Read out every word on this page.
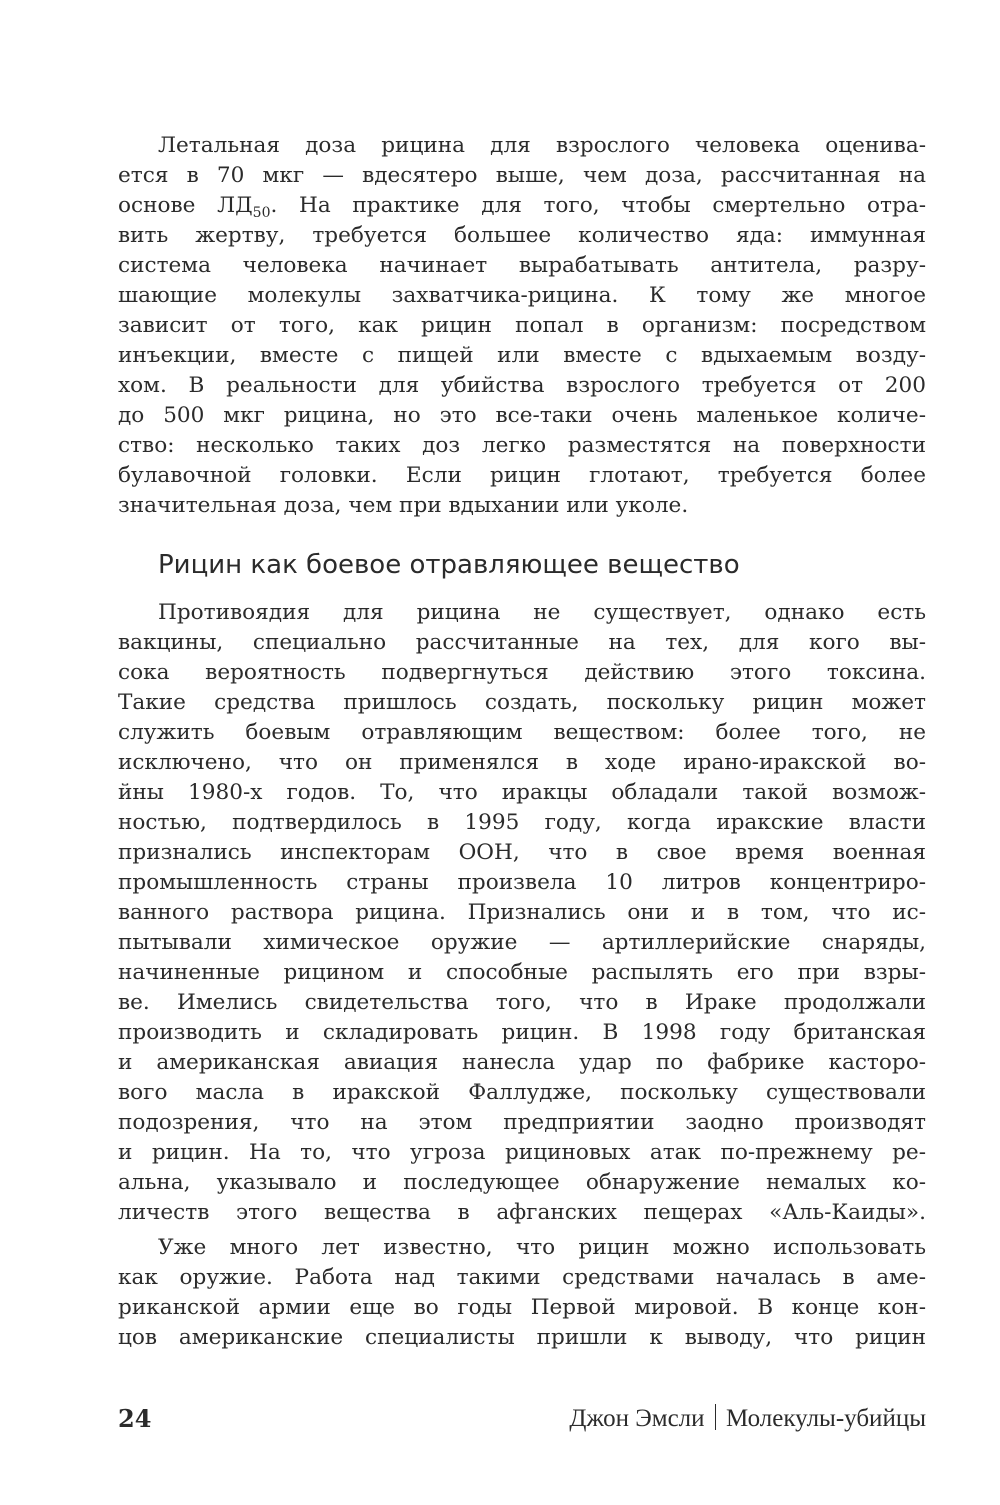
Летальная доза рицина для взрослого человека оценива-
ется в 70 мкг — вдесятеро выше, чем доза, рассчитанная на
основе $ЛД_{50}$. На практике для того, чтобы смертельно отра-
вить жертву, требуется большее количество яда: иммунная
система человека начинает вырабатывать антитела, разру-
шающие молекулы захватчика-рицина. К тому же многое
зависит от того, как рицин попал в организм: посредством
инъекции, вместе с пищей или вместе с вдыхаемым возду-
хом. В реальности для убийства взрослого требуется от 200
до 500 мкг рицина, но это все-таки очень маленькое количе-
ство: несколько таких доз легко разместятся на поверхности
булавочной головки. Если рицин глотают, требуется более
значительная доза, чем при вдыхании или уколе.
Рицин как боевое отравляющее вещество
Противоядия для рицина не существует, однако есть
вакцины, специально рассчитанные на тех, для кого вы-
сока вероятность подвергнуться действию этого токсина.
Такие средства пришлось создать, поскольку рицин может
служить боевым отравляющим веществом: более того, не
исключено, что он применялся в ходе ирано-иракской во-
йны 1980-х годов. То, что иракцы обладали такой возмож-
ностью, подтвердилось в 1995 году, когда иракские власти
признались инспекторам ООН, что в свое время военная
промышленность страны произвела 10 литров концентриро-
ванного раствора рицина. Признались они и в том, что ис-
пытывали химическое оружие — артиллерийские снаряды,
начиненные рицином и способные распылять его при взры-
ве. Имелись свидетельства того, что в Ираке продолжали
производить и складировать рицин. В 1998 году британская
и американская авиация нанесла удар по фабрике касторо-
вого масла в иракской Фаллудже, поскольку существовали
подозрения, что на этом предприятии заодно производят
и рицин. На то, что угроза рициновых атак по-прежнему ре-
альна, указывало и последующее обнаружение немалых ко-
личеств этого вещества в афганских пещерах «Аль-Каиды».
Уже много лет известно, что рицин можно использовать
как оружие. Работа над такими средствами началась в аме-
риканской армии еще во годы Первой мировой. В конце кон-
цов американские специалисты пришли к выводу, что рицин
24	Джон Эмсли Молекулы-убийцы
